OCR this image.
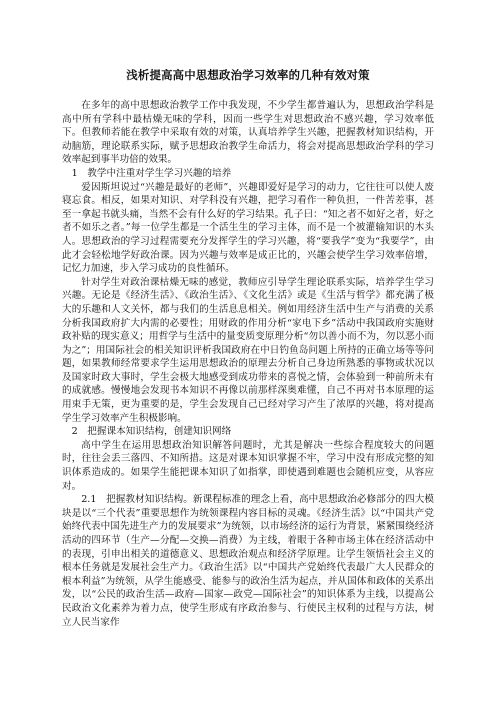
浅析提高高中思想政治学习效率的几种有效对策

在多年的高中思想政治教学工作中我发现，不少学生都普遍认为，思想政治学科是高中所有学科中最枯燥无味的学科，因而一些学生对思想政治不感兴趣，学习效率低下。但教师若能在教学中采取有效的对策，认真培养学生兴趣，把握教材知识结构，开动脑筋，理论联系实际，赋予思想政治教学生命活力，将会对提高思想政治学科的学习效率起到事半功倍的效果。

1　教学中注重对学生学习兴趣的培养

爱因斯坦说过“兴趣是最好的老师”，兴趣即爱好是学习的动力，它往往可以使人废寝忘食。相反，如果对知识、对学科没有兴趣，把学习看作一种负担，一件苦差事，甚至一拿起书就头痛，当然不会有什么好的学习结果。孔子曰：“知之者不如好之者，好之者不如乐之者。”每一位学生都是一个活生生的学习主体，而不是一个被灌输知识的木头人。思想政治的学习过程需要充分发挥学生的学习兴趣，将“要我学”变为“我要学”，由此才会轻松地学好政治课。因为兴趣与效率是成正比的，兴趣会使学生学习效率倍增，记忆力加速，步入学习成功的良性循环。

针对学生对政治课枯燥无味的感觉，教师应引导学生理论联系实际，培养学生学习兴趣。无论是《经济生活》、《政治生活》、《文化生活》或是《生活与哲学》都充满了极大的乐趣和人文关怀，都与我们的生活息息相关。例如用经济生活中生产与消费的关系分析我国政府扩大内需的必要性；用财政的作用分析“家电下乡”活动中我国政府实施财政补贴的现实意义；用哲学与生活中的量变质变原理分析“勿以善小而不为，勿以恶小而为之”；用国际社会的相关知识评析我国政府在中日钓鱼岛问题上所持的正确立场等等问题，如果教师经常要求学生运用思想政治的原理去分析自己身边所熟悉的事物或状况以及国家时政大事时，学生会极大地感受到成功带来的喜悦之情，会体验到一种前所未有的成就感。慢慢地会发现书本知识不再像以前那样深奥难懂，自己不再对书本原理的运用束手无策，更为重要的是，学生会发现自己已经对学习产生了浓厚的兴趣，将对提高学生学习效率产生积极影响。

2　把握课本知识结构，创建知识网络

高中学生在运用思想政治知识解答问题时，尤其是解决一些综合程度较大的问题时，往往会丢三落四、不知所措。这是对课本知识掌握不牢，学习中没有形成完整的知识体系造成的。如果学生能把课本知识了如指掌，即使遇到难题也会随机应变，从容应对。

2.1　把握教材知识结构。新课程标准的理念上看，高中思想政治必修部分的四大模块是以“三个代表”重要思想作为统领课程内容目标的灵魂。《经济生活》以“中国共产党始终代表中国先进生产力的发展要求”为统领，以市场经济的运行为背景，紧紧围绕经济活动的四环节（生产—分配—交换—消费）为主线，着眼于各种市场主体在经济活动中的表现，引申出相关的道德意义、思想政治观点和经济学原理。让学生领悟社会主义的根本任务就是发展社会生产力。《政治生活》以“中国共产党始终代表最广大人民群众的根本利益”为统领，从学生能感受、能参与的政治生活为起点，并从国体和政体的关系出发，以“公民的政治生活—政府—国家—政党—国际社会”的知识体系为主线，以提高公民政治文化素养为着力点，使学生形成有序政治参与、行使民主权利的过程与方法，树立人民当家作
